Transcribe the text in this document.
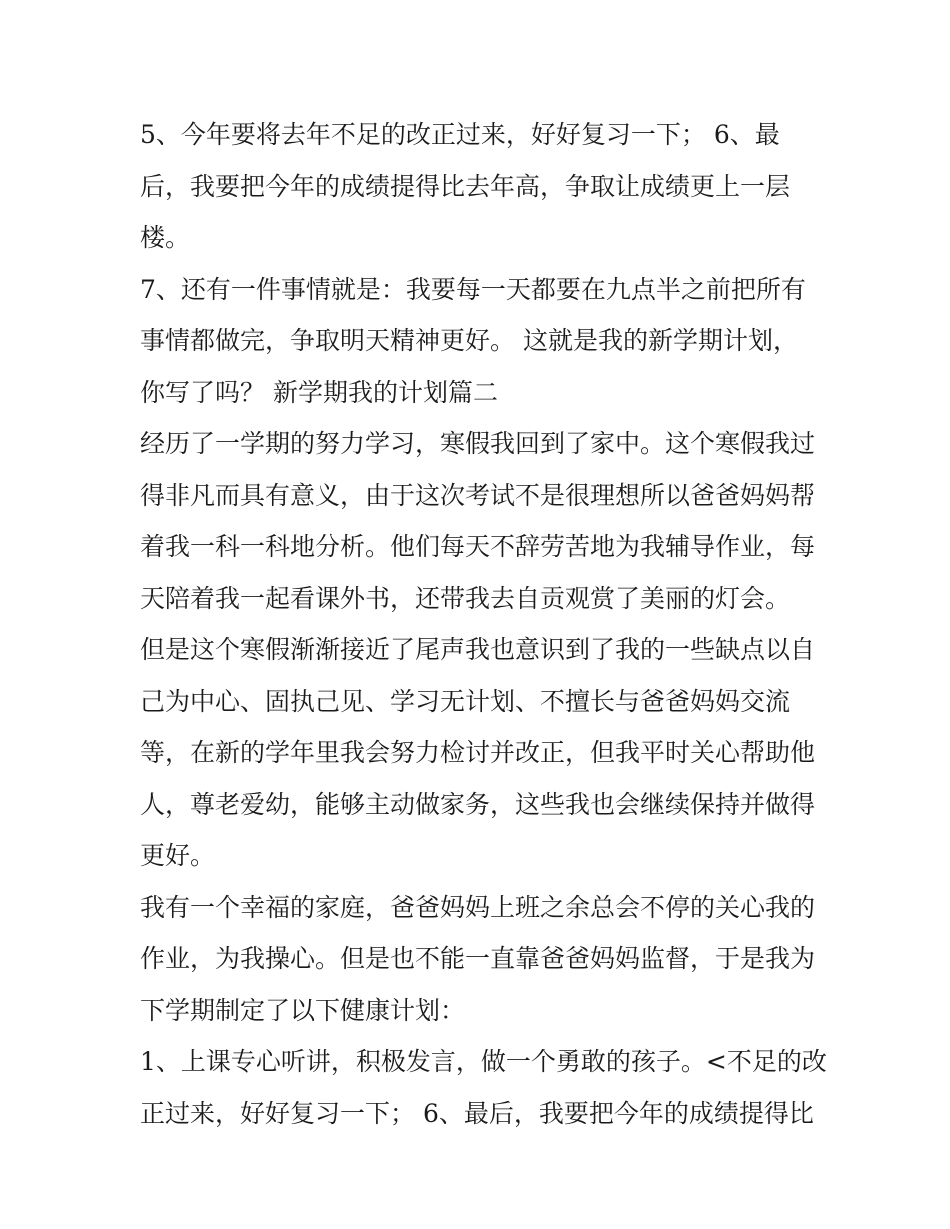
5、今年要将去年不足的改正过来，好好复习一下； 6、最
后，我要把今年的成绩提得比去年高，争取让成绩更上一层
楼。
7、还有一件事情就是：我要每一天都要在九点半之前把所有
事情都做完，争取明天精神更好。 这就是我的新学期计划，
你写了吗？ 新学期我的计划篇二
经历了一学期的努力学习，寒假我回到了家中。这个寒假我过
得非凡而具有意义，由于这次考试不是很理想所以爸爸妈妈帮
着我一科一科地分析。他们每天不辞劳苦地为我辅导作业，每
天陪着我一起看课外书，还带我去自贡观赏了美丽的灯会。
但是这个寒假渐渐接近了尾声我也意识到了我的一些缺点以自
己为中心、固执己见、学习无计划、不擅长与爸爸妈妈交流
等，在新的学年里我会努力检讨并改正，但我平时关心帮助他
人，尊老爱幼，能够主动做家务，这些我也会继续保持并做得
更好。
我有一个幸福的家庭，爸爸妈妈上班之余总会不停的关心我的
作业，为我操心。但是也不能一直靠爸爸妈妈监督，于是我为
下学期制定了以下健康计划：
1、上课专心听讲，积极发言，做一个勇敢的孩子。<不足的改
正过来，好好复习一下； 6、最后，我要把今年的成绩提得比
